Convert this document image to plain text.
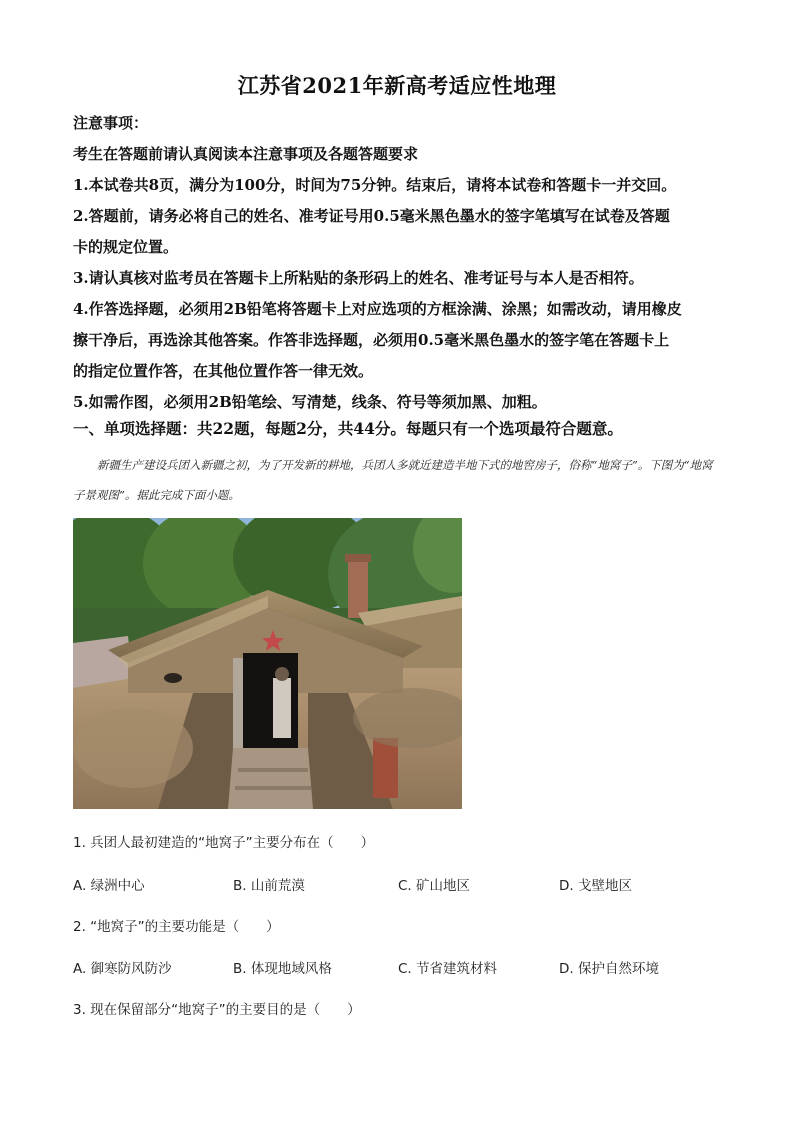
江苏省2021年新高考适应性地理

注意事项：

考生在答题前请认真阅读本注意事项及各题答题要求

1.本试卷共8页，满分为100分，时间为75分钟。结束后，请将本试卷和答题卡一并交回。

2.答题前，请务必将自己的姓名、准考证号用0.5毫米黑色墨水的签字笔填写在试卷及答题

卡的规定位置。

3.请认真核对监考员在答题卡上所粘贴的条形码上的姓名、准考证号与本人是否相符。

4.作答选择题，必须用2B铅笔将答题卡上对应选项的方框涂满、涂黑；如需改动，请用橡皮

擦干净后，再选涂其他答案。作答非选择题，必须用0.5毫米黑色墨水的签字笔在答题卡上

的指定位置作答，在其他位置作答一律无效。

5.如需作图，必须用2B铅笔绘、写清楚，线条、符号等须加黑、加粗。

一、单项选择题：共22题，每题2分，共44分。每题只有一个选项最符合题意。
新疆生产建设兵团入新疆之初，为了开发新的耕地，兵团人多就近建造半地下式的地窖房子，俗称“地窝子”。下图为“地窝子景观图”。据此完成下面小题。
1. 兵团人最初建造的“地窝子”主要分布在（　　）
A. 绿洲中心	B. 山前荒漠	C. 矿山地区	D. 戈壁地区
2. “地窝子”的主要功能是（　　）
A. 御寒防风防沙	B. 体现地域风格	C. 节省建筑材料	D. 保护自然环境
3. 现在保留部分“地窝子”的主要目的是（　　）
